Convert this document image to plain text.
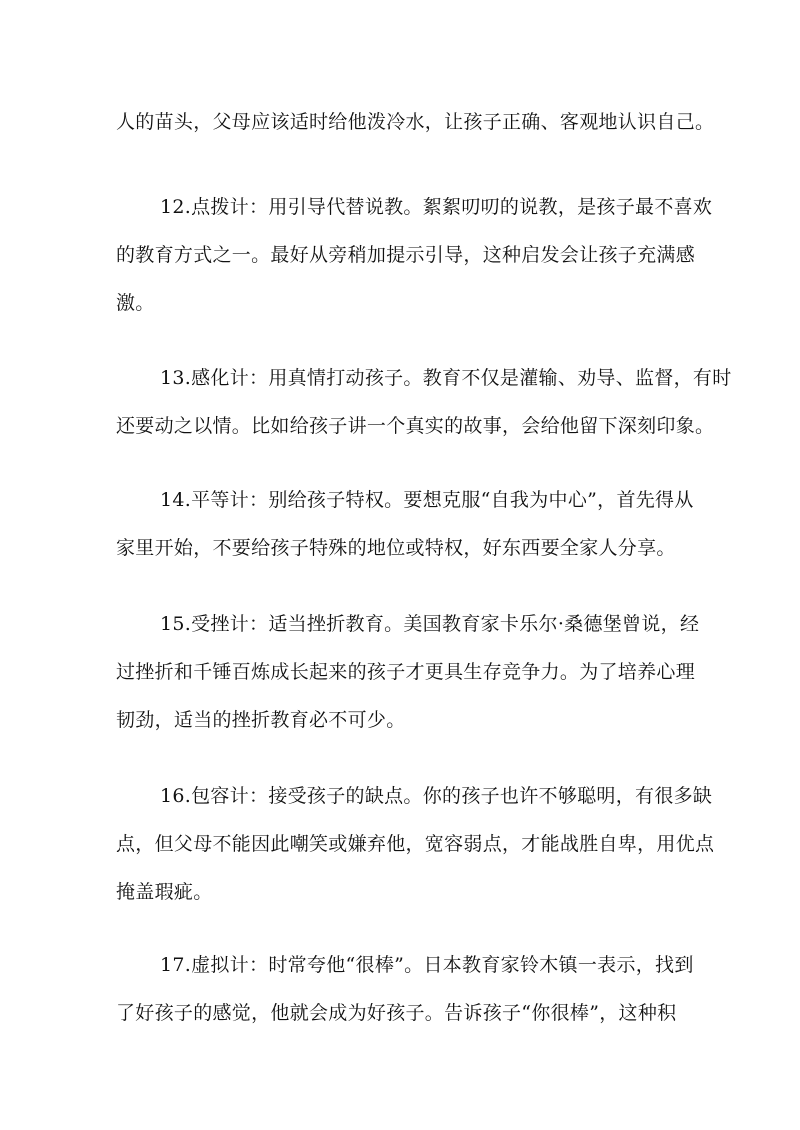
人的苗头，父母应该适时给他泼冷水，让孩子正确、客观地认识自己。

12.点拨计：用引导代替说教。絮絮叨叨的说教，是孩子最不喜欢
的教育方式之一。最好从旁稍加提示引导，这种启发会让孩子充满感
激。

13.感化计：用真情打动孩子。教育不仅是灌输、劝导、监督，有时
还要动之以情。比如给孩子讲一个真实的故事，会给他留下深刻印象。

14.平等计：别给孩子特权。要想克服“自我为中心”，首先得从
家里开始，不要给孩子特殊的地位或特权，好东西要全家人分享。

15.受挫计：适当挫折教育。美国教育家卡乐尔·桑德堡曾说，经
过挫折和千锤百炼成长起来的孩子才更具生存竞争力。为了培养心理
韧劲，适当的挫折教育必不可少。

16.包容计：接受孩子的缺点。你的孩子也许不够聪明，有很多缺
点，但父母不能因此嘲笑或嫌弃他，宽容弱点，才能战胜自卑，用优点
掩盖瑕疵。

17.虚拟计：时常夸他“很棒”。日本教育家铃木镇一表示，找到
了好孩子的感觉，他就会成为好孩子。告诉孩子“你很棒”，这种积
